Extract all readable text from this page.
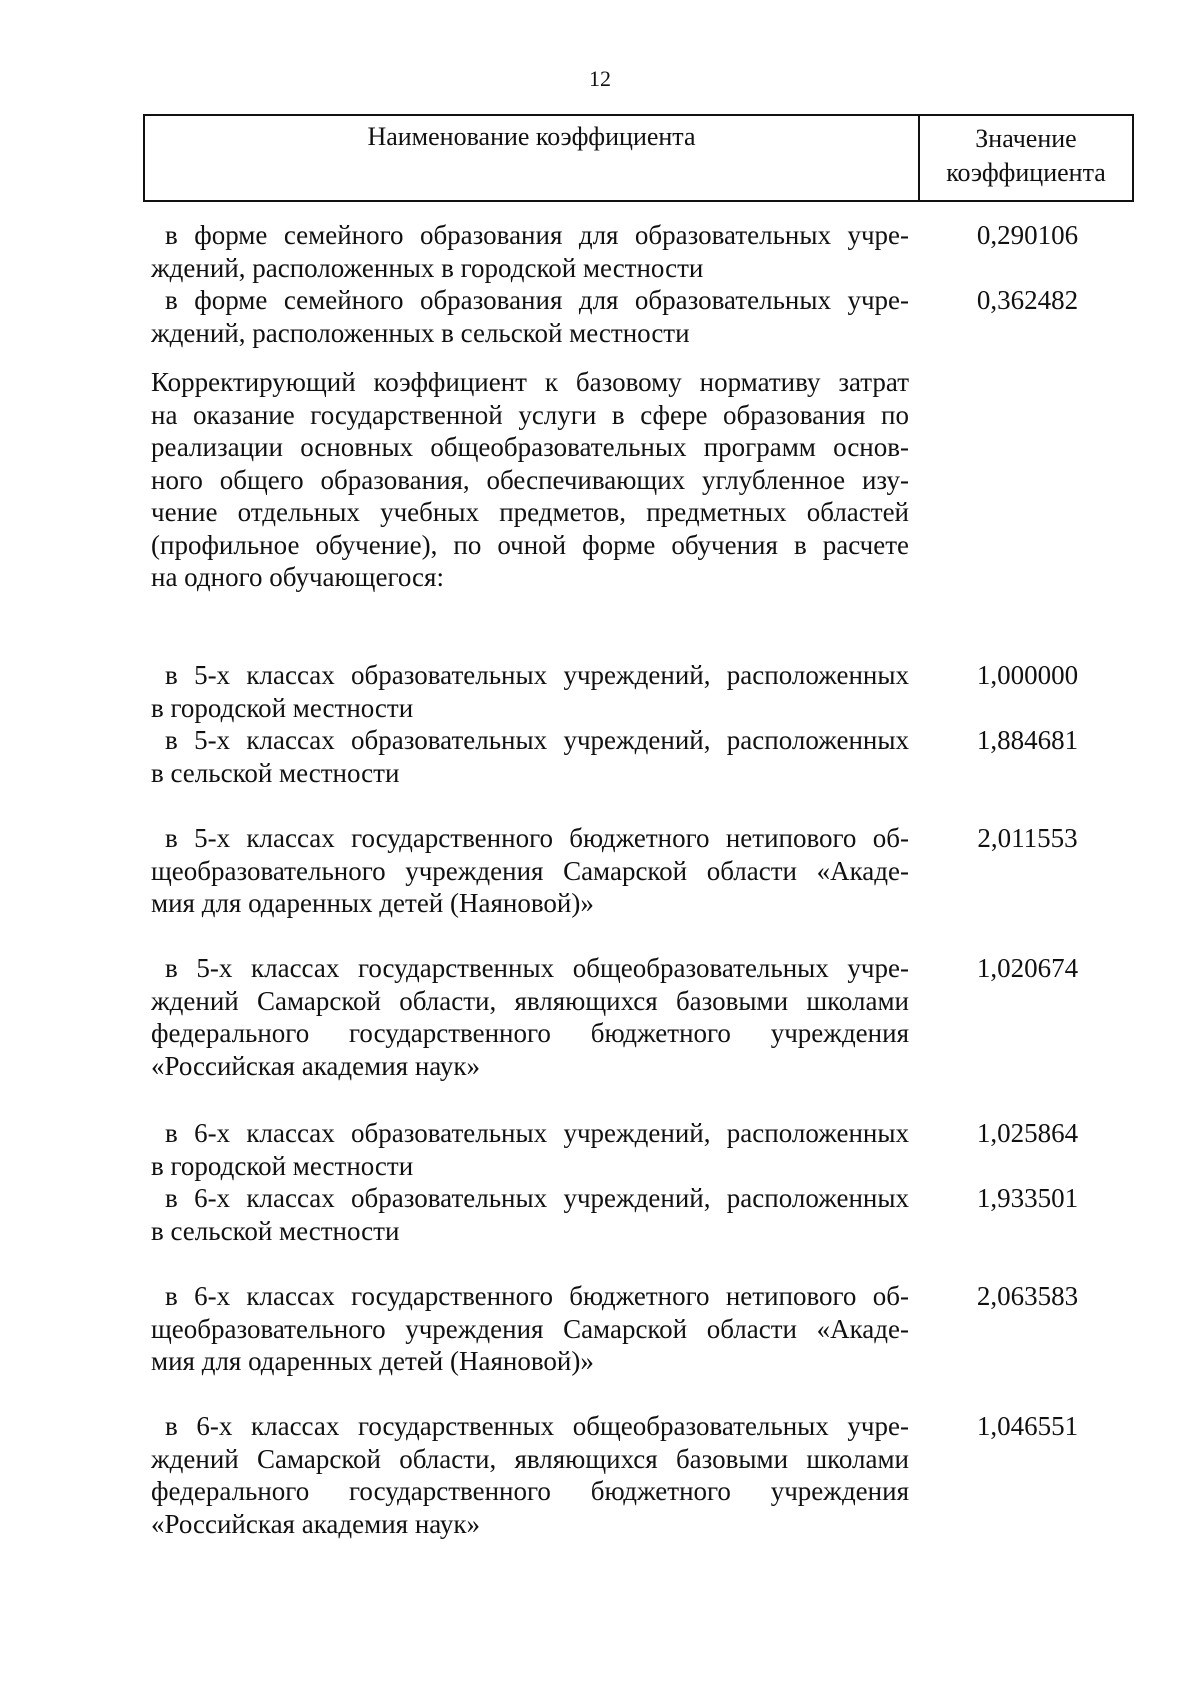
12
Наименование коэффициента	Значение
коэффициента
в форме семейного образования для образовательных учре-
ждений, расположенных в городской местности
0,290106
в форме семейного образования для образовательных учре-
ждений, расположенных в сельской местности
0,362482
Корректирующий коэффициент к базовому нормативу затрат
на оказание государственной услуги в сфере образования по
реализации основных общеобразовательных программ основ-
ного общего образования, обеспечивающих углубленное изу-
чение отдельных учебных предметов, предметных областей
(профильное обучение), по очной форме обучения в расчете
на одного обучающегося:
в 5-х классах образовательных учреждений, расположенных
в городской местности
1,000000
в 5-х классах образовательных учреждений, расположенных
в сельской местности
1,884681
в 5-х классах государственного бюджетного нетипового об-
щеобразовательного учреждения Самарской области «Акаде-
мия для одаренных детей (Наяновой)»
2,011553
в 5-х классах государственных общеобразовательных учре-
ждений Самарской области, являющихся базовыми школами
федерального государственного бюджетного учреждения
«Российская академия наук»
1,020674
в 6-х классах образовательных учреждений, расположенных
в городской местности
1,025864
в 6-х классах образовательных учреждений, расположенных
в сельской местности
1,933501
в 6-х классах государственного бюджетного нетипового об-
щеобразовательного учреждения Самарской области «Акаде-
мия для одаренных детей (Наяновой)»
2,063583
в 6-х классах государственных общеобразовательных учре-
ждений Самарской области, являющихся базовыми школами
федерального государственного бюджетного учреждения
«Российская академия наук»
1,046551
